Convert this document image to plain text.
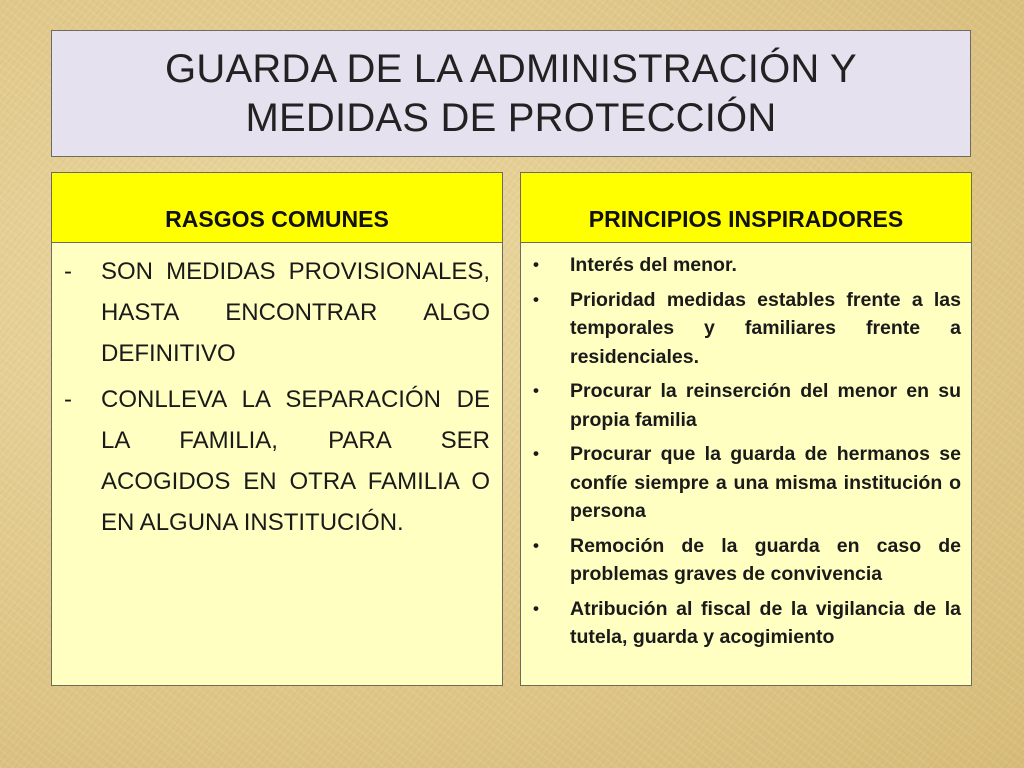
GUARDA DE LA ADMINISTRACIÓN Y
MEDIDAS DE PROTECCIÓN
RASGOS COMUNES
-	SON MEDIDAS PROVISIONALES, HASTA ENCONTRAR ALGO DEFINITIVO
-	CONLLEVA LA SEPARACIÓN DE LA FAMILIA, PARA SER ACOGIDOS EN OTRA FAMILIA O EN ALGUNA INSTITUCIÓN.
PRINCIPIOS INSPIRADORES
•	Interés del menor.
•	Prioridad medidas estables frente a las temporales y familiares frente a residenciales.
•	Procurar la reinserción del menor en su propia familia
•	Procurar que la guarda de hermanos se confíe siempre a una misma institución o persona
•	Remoción de la guarda en caso de problemas graves de convivencia
•	Atribución al fiscal de la vigilancia de la tutela, guarda y acogimiento
